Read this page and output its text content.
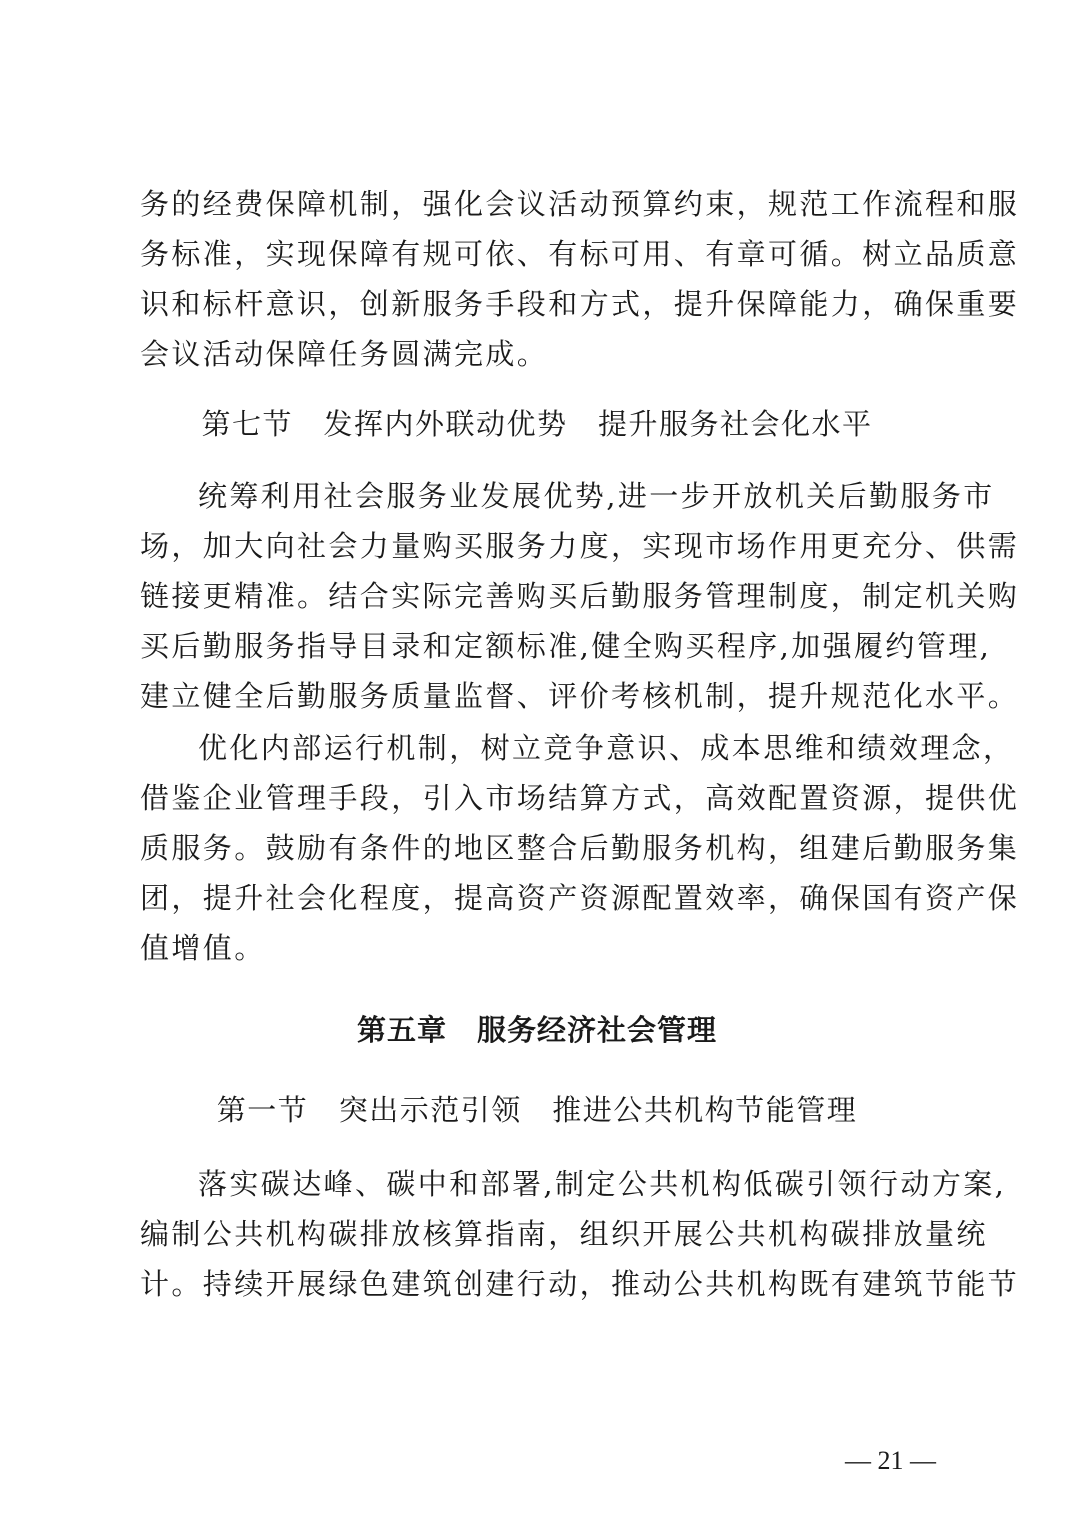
务的经费保障机制，强化会议活动预算约束，规范工作流程和服
务标准，实现保障有规可依、有标可用、有章可循。树立品质意
识和标杆意识，创新服务手段和方式，提升保障能力，确保重要
会议活动保障任务圆满完成。
第七节　发挥内外联动优势　提升服务社会化水平
统筹利用社会服务业发展优势,进一步开放机关后勤服务市
场，加大向社会力量购买服务力度，实现市场作用更充分、供需
链接更精准。结合实际完善购买后勤服务管理制度，制定机关购
买后勤服务指导目录和定额标准,健全购买程序,加强履约管理,
建立健全后勤服务质量监督、评价考核机制，提升规范化水平。
优化内部运行机制，树立竞争意识、成本思维和绩效理念，
借鉴企业管理手段，引入市场结算方式，高效配置资源，提供优
质服务。鼓励有条件的地区整合后勤服务机构，组建后勤服务集
团，提升社会化程度，提高资产资源配置效率，确保国有资产保
值增值。
第五章　服务经济社会管理
第一节　突出示范引领　推进公共机构节能管理
落实碳达峰、碳中和部署,制定公共机构低碳引领行动方案,
编制公共机构碳排放核算指南，组织开展公共机构碳排放量统
计。持续开展绿色建筑创建行动，推动公共机构既有建筑节能节
— 21 —
